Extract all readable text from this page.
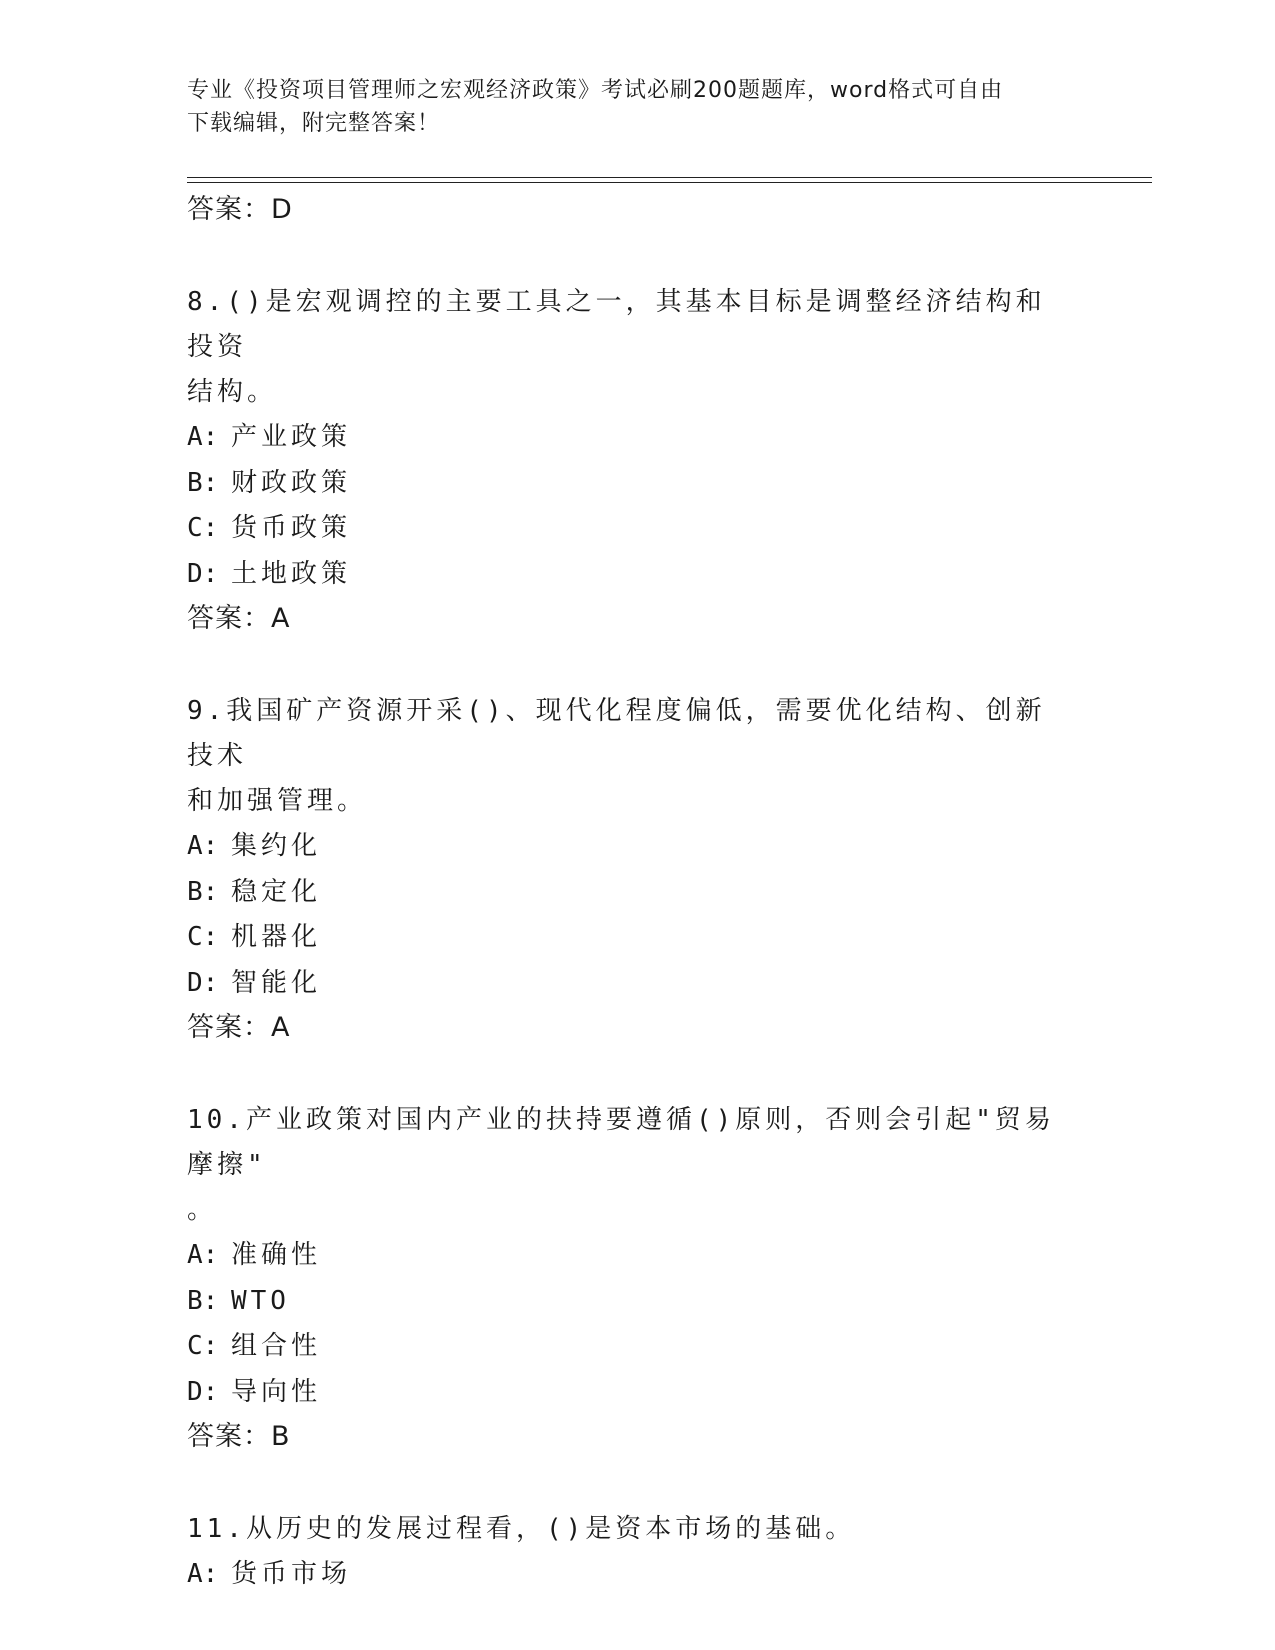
专业《投资项目管理师之宏观经济政策》考试必刷200题题库，word格式可自由
下载编辑，附完整答案！
答案：D
8.()是宏观调控的主要工具之一，其基本目标是调整经济结构和投资
结构。
A: 产业政策
B: 财政政策
C: 货币政策
D: 土地政策
答案：A
9.我国矿产资源开采()、现代化程度偏低，需要优化结构、创新技术
和加强管理。
A: 集约化
B: 稳定化
C: 机器化
D: 智能化
答案：A
10.产业政策对国内产业的扶持要遵循()原则，否则会引起"贸易摩擦"
。
A: 准确性
B: WTO
C: 组合性
D: 导向性
答案：B
11.从历史的发展过程看，()是资本市场的基础。
A: 货币市场
